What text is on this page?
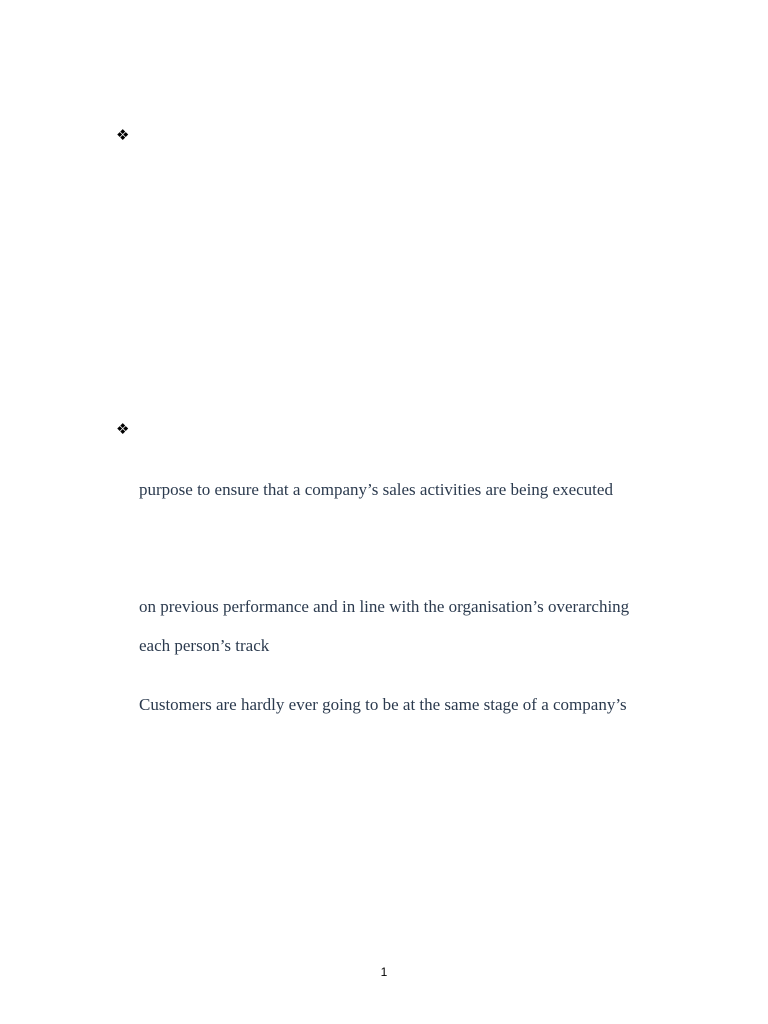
❖
❖
purpose to ensure that a company’s sales activities are being executed
on previous performance and in line with the organisation’s overarching
each person’s track
Customers are hardly ever going to be at the same stage of a company’s
1
